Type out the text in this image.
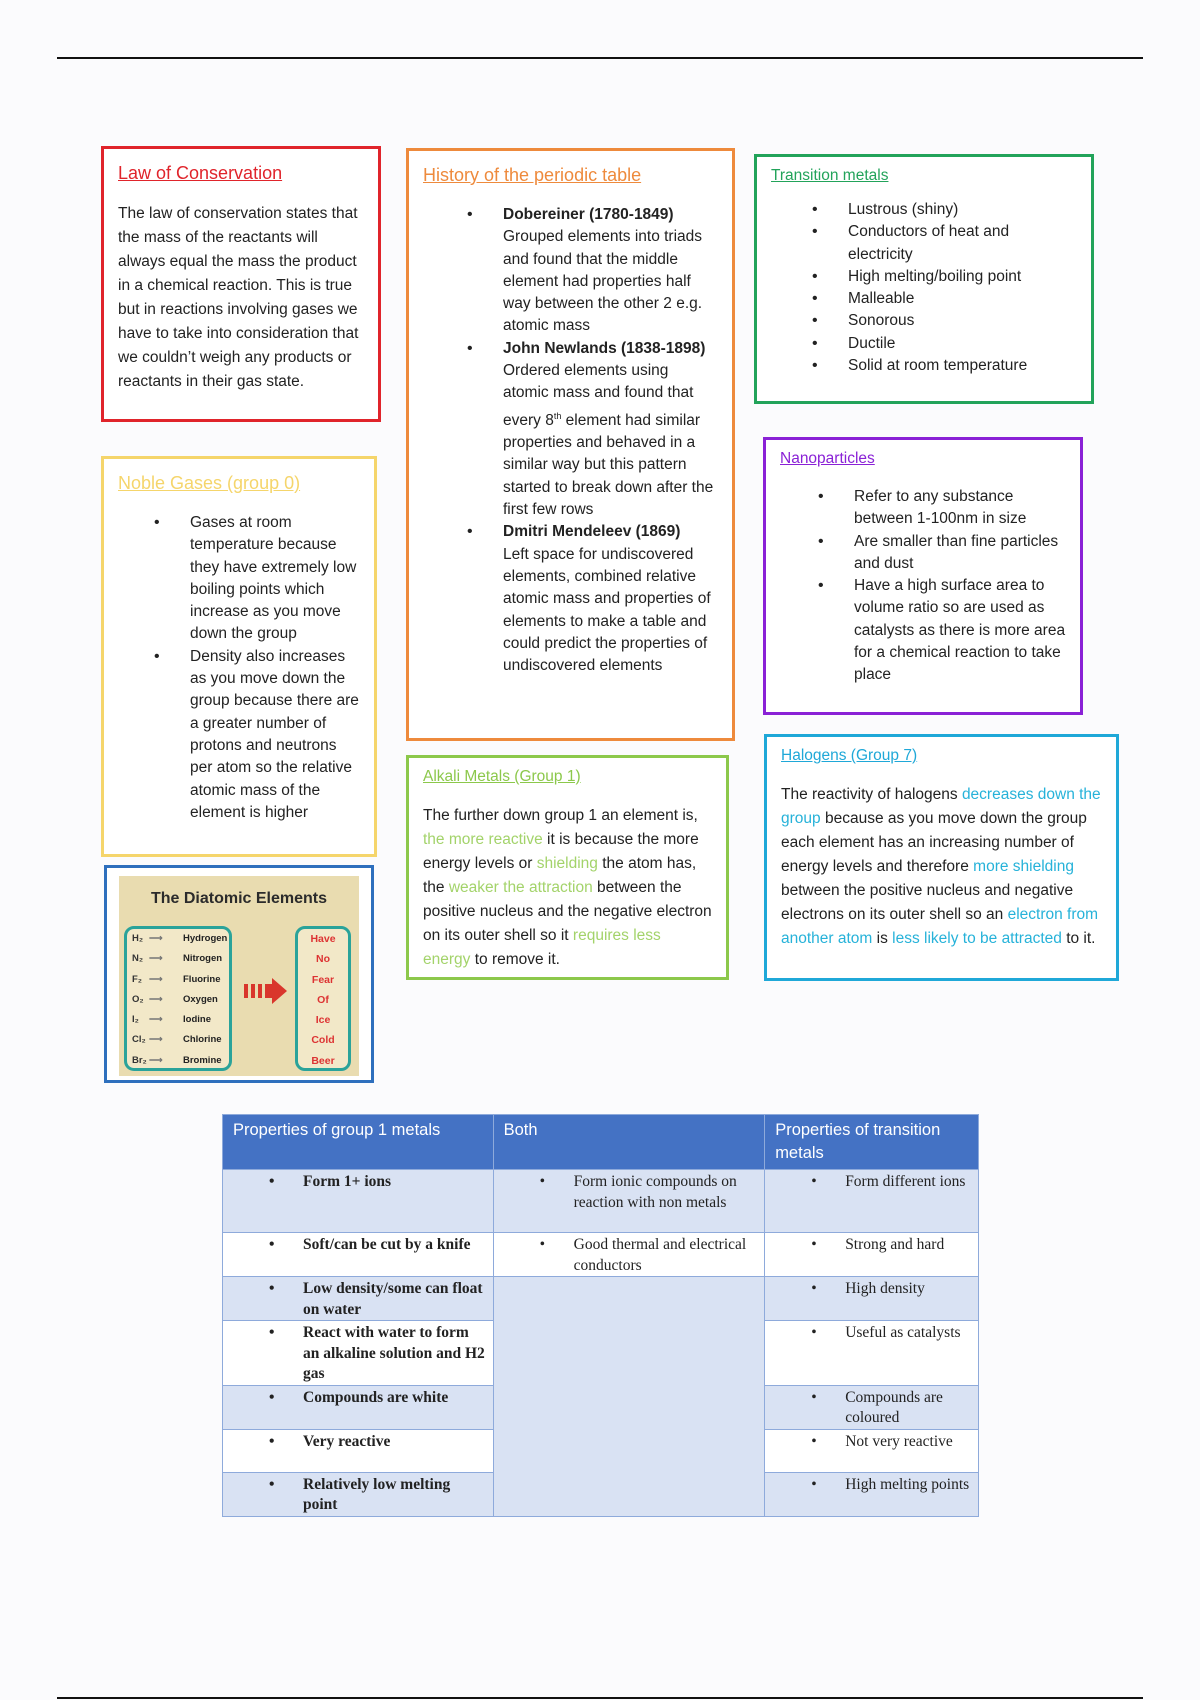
Law of Conservation

The law of conservation states that the mass of the reactants will always equal the mass the product in a chemical reaction. This is true but in reactions involving gases we have to take into consideration that we couldn’t weigh any products or reactants in their gas state.

History of the periodic table
• Dobereiner (1780-1849)
Grouped elements into triads and found that the middle element had properties half way between the other 2 e.g. atomic mass
• John Newlands (1838-1898)
Ordered elements using atomic mass and found that every 8th element had similar properties and behaved in a similar way but this pattern started to break down after the first few rows
• Dmitri Mendeleev (1869)
Left space for undiscovered elements, combined relative atomic mass and properties of elements to make a table and could predict the properties of undiscovered elements
Transition metals
• Lustrous (shiny)
• Conductors of heat and electricity
• High melting/boiling point
• Malleable
• Sonorous
• Ductile
• Solid at room temperature
Noble Gases (group 0)
• Gases at room temperature because they have extremely low boiling points which increase as you move down the group
• Density also increases as you move down the group because there are a greater number of protons and neutrons per atom so the relative atomic mass of the element is higher
Nanoparticles
• Refer to any substance between 1-100nm in size
• Are smaller than fine particles and dust
• Have a high surface area to volume ratio so are used as catalysts as there is more area for a chemical reaction to take place
The Diatomic Elements
H₂ ⟶ Hydrogen
N₂ ⟶ Nitrogen
F₂ ⟶ Fluorine
O₂ ⟶ Oxygen
I₂ ⟶ Iodine
Cl₂ ⟶ Chlorine
Br₂ ⟶ Bromine
Have
No
Fear
Of
Ice
Cold
Beer
Alkali Metals (Group 1)

The further down group 1 an element is, the more reactive it is because the more energy levels or shielding the atom has, the weaker the attraction between the positive nucleus and the negative electron on its outer shell so it requires less energy to remove it.

Halogens (Group 7)

The reactivity of halogens decreases down the group because as you move down the group each element has an increasing number of energy levels and therefore more shielding between the positive nucleus and negative electrons on its outer shell so an electron from another atom is less likely to be attracted to it.

Properties of group 1 metals	Both	Properties of transition metals

• Form 1+ ions	• Form ionic compounds on reaction with non metals	• Form different ions

• Soft/can be cut by a knife	• Good thermal and electrical conductors	• Strong and hard

• Low density/some can float on water		• High density

• React with water to form an alkaline solution and H2 gas		• Useful as catalysts

• Compounds are white		• Compounds are coloured

• Very reactive		• Not very reactive

• Relatively low melting point		• High melting points
